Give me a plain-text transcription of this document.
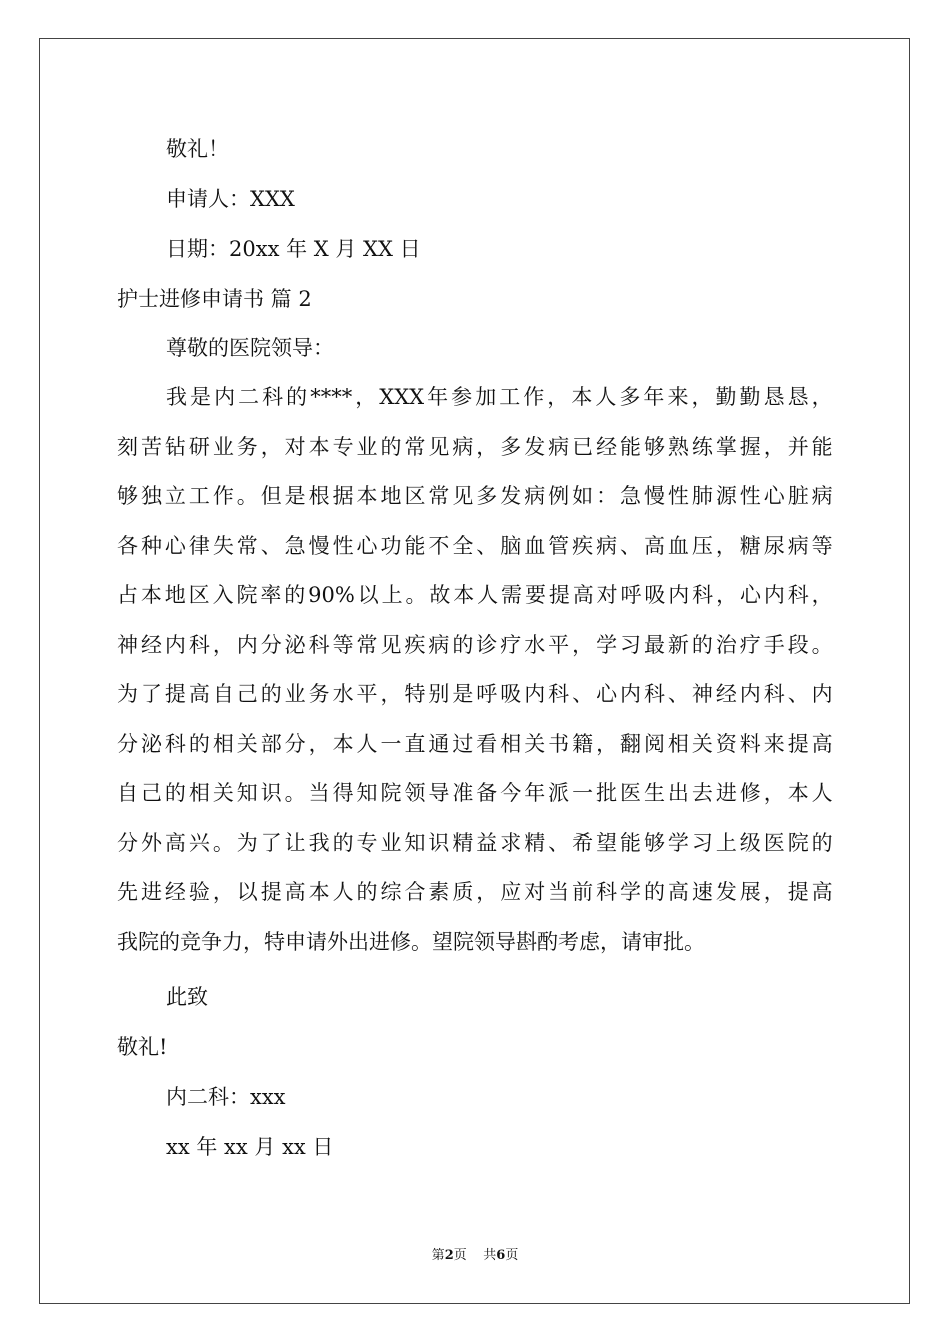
敬礼！
申请人：XXX
日期：20xx 年 X 月 XX 日
护士进修申请书 篇 2
尊敬的医院领导：
我 是 内 二 科 的 **** ， XXX 年 参 加 工 作 ， 本 人 多 年 来 ， 勤 勤 恳 恳 ，
刻 苦 钻 研 业 务 ， 对 本 专 业 的 常 见 病 ， 多 发 病 已 经 能 够 熟 练 掌 握 ， 并 能
够 独 立 工 作 。 但 是 根 据 本 地 区 常 见 多 发 病 例 如 ： 急 慢 性 肺 源 性 心 脏 病
各 种 心 律 失 常 、 急 慢 性 心 功 能 不 全 、 脑 血 管 疾 病 、 高 血 压 ， 糖 尿 病 等
占 本 地 区 入 院 率 的 90% 以 上 。 故 本 人 需 要 提 高 对 呼 吸 内 科 ， 心 内 科 ，
神 经 内 科 ， 内 分 泌 科 等 常 见 疾 病 的 诊 疗 水 平 ， 学 习 最 新 的 治 疗 手 段 。
为 了 提 高 自 己 的 业 务 水 平 ， 特 别 是 呼 吸 内 科 、 心 内 科 、 神 经 内 科 、 内
分 泌 科 的 相 关 部 分 ， 本 人 一 直 通 过 看 相 关 书 籍 ， 翻 阅 相 关 资 料 来 提 高
自 己 的 相 关 知 识 。 当 得 知 院 领 导 准 备 今 年 派 一 批 医 生 出 去 进 修 ， 本 人
分 外 高 兴 。 为 了 让 我 的 专 业 知 识 精 益 求 精 、 希 望 能 够 学 习 上 级 医 院 的
先 进 经 验 ， 以 提 高 本 人 的 综 合 素 质 ， 应 对 当 前 科 学 的 高 速 发 展 ， 提 高
我院的竞争力，特申请外出进修。望院领导斟酌考虑，请审批。
此致
敬礼!
内二科：xxx
xx 年 xx 月 xx 日
第2页    共6页
